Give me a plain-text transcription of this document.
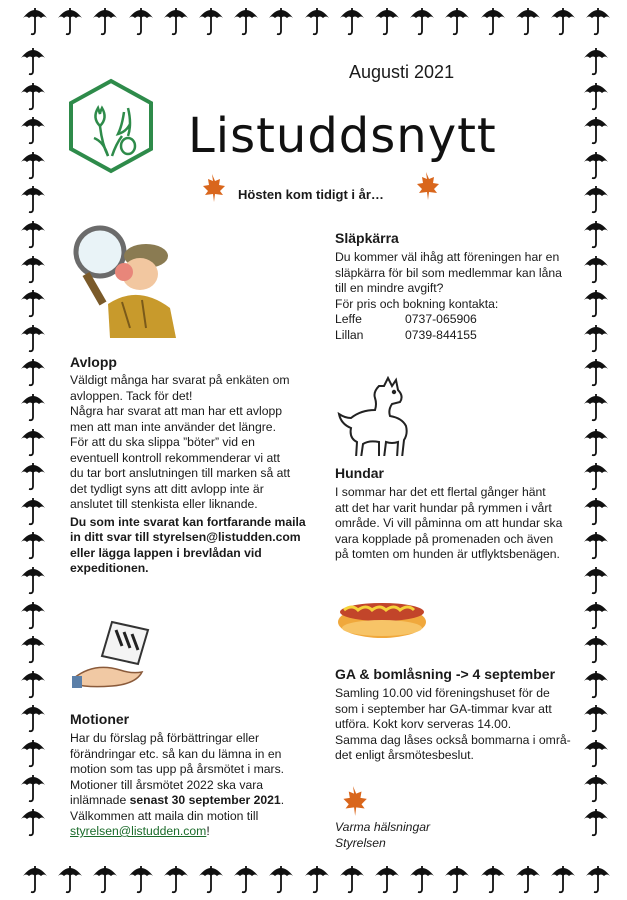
Augusti 2021
Listuddsnytt
Hösten kom tidigt i år…
Avlopp
Väldigt många har svarat på enkäten om
avloppen. Tack för det!
Några har svarat att man har ett avlopp
men att man inte använder det längre.
För att du ska slippa ”böter” vid en
eventuell kontroll rekommenderar vi att
du tar bort anslutningen till marken så att
det tydligt syns att ditt avlopp inte är
anslutet till stenkista eller liknande.
Du som inte svarat kan fortfarande maila
in ditt svar till styrelsen@listudden.com
eller lägga lappen i brevlådan vid
expeditionen.
Motioner
Har du förslag på förbättringar eller
förändringar etc. så kan du lämna in en
motion som tas upp på årsmötet i mars.
Motioner till årsmötet 2022 ska vara
inlämnade senast 30 september 2021.
Välkommen att maila din motion till
styrelsen@listudden.com!
Släpkärra
Du kommer väl ihåg att föreningen har en
släpkärra för bil som medlemmar kan låna
till en mindre avgift?
För pris och bokning kontakta:
Leffe	0737-065906
Lillan	0739-844155
Hundar
I sommar har det ett flertal gånger hänt
att det har varit hundar på rymmen i vårt
område. Vi vill påminna om att hundar ska
vara kopplade på promenaden och även
på tomten om hunden är utflyktsbenägen.
GA & bomlåsning -> 4 september
Samling 10.00 vid föreningshuset för de
som i september har GA-timmar kvar att
utföra. Kokt korv serveras 14.00.
Samma dag låses också bommarna i områ-
det enligt årsmötesbeslut.
Varma hälsningar
Styrelsen
